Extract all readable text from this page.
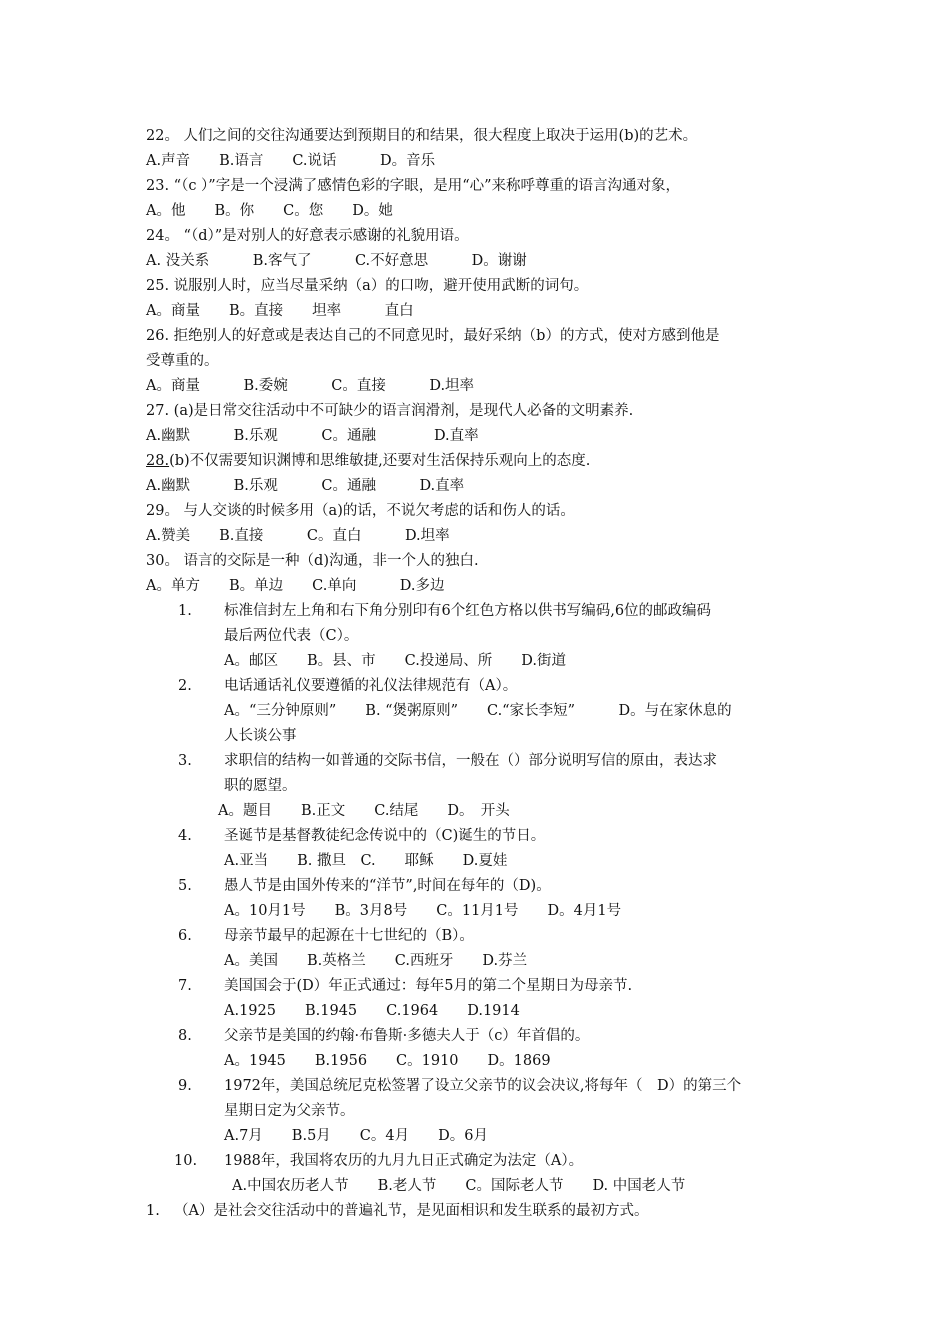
22。 人们之间的交往沟通要达到预期目的和结果，很大程度上取决于运用(b)的艺术。
A.声音　　B.语言　　C.说话　　　D。音乐
23. “（c ）”字是一个浸满了感情色彩的字眼，是用“心”来称呼尊重的语言沟通对象，
A。他　　B。你　　C。您　　D。她
24。 “（d）”是对别人的好意表示感谢的礼貌用语。
A. 没关系　　　B.客气了　　　C.不好意思　　　D。谢谢
25. 说服别人时，应当尽量采纳（a）的口吻，避开使用武断的词句。
A。商量　　B。直接　　坦率　　　直白
26. 拒绝别人的好意或是表达自己的不同意见时，最好采纳（b）的方式，使对方感到他是
受尊重的。
A。商量　　　B.委婉　　　C。直接　　　D.坦率
27. (a)是日常交往活动中不可缺少的语言润滑剂，是现代人必备的文明素养.
A.幽默　　　B.乐观　　　C。通融　　　　D.直率
28.(b)不仅需要知识渊博和思维敏捷,还要对生活保持乐观向上的态度.
A.幽默　　　B.乐观　　　C。通融　　　D.直率
29。 与人交谈的时候多用（a)的话，不说欠考虑的话和伤人的话。
A.赞美　　B.直接　　　C。直白　　　D.坦率
30。 语言的交际是一种（d)沟通，非一个人的独白.
A。单方　　B。单边　　C.单向　　　D.多边
1. 标准信封左上角和右下角分别印有6个红色方格以供书写编码,6位的邮政编码
最后两位代表（C）。
A。邮区　　B。县、市　　C.投递局、所　　D.街道
2. 电话通话礼仪要遵循的礼仪法律规范有（A）。
A。“三分钟原则”　　B. “煲粥原则”　　C.“家长李短”　　　D。与在家休息的
人长谈公事
3. 求职信的结构一如普通的交际书信，一般在（）部分说明写信的原由，表达求
职的愿望。
A。题目　　B.正文　　C.结尾　　D。　开头
4. 圣诞节是基督教徒纪念传说中的（C)诞生的节日。
A.亚当　　B. 撒旦　C.　　耶稣　　D.夏娃
5. 愚人节是由国外传来的“洋节”,时间在每年的（D)。
A。10月1号　　B。3月8号　　C。11月1号　　D。4月1号
6. 母亲节最早的起源在十七世纪的（B）。
A。美国　　B.英格兰　　C.西班牙　　D.芬兰
7. 美国国会于(D）年正式通过：每年5月的第二个星期日为母亲节.
A.1925　　B.1945　　C.1964　　D.1914
8. 父亲节是美国的约翰·布鲁斯·多德夫人于（c）年首倡的。
A。1945　　B.1956　　C。1910　　D。1869
9. 1972年，美国总统尼克松签署了设立父亲节的议会决议,将每年（　D）的第三个
星期日定为父亲节。
A.7月　　B.5月　　C。4月　　D。6月
10. 1988年，我国将农历的九月九日正式确定为法定（A）。
A.中国农历老人节　　B.老人节　　C。国际老人节　　D. 中国老人节
1. （A）是社会交往活动中的普遍礼节，是见面相识和发生联系的最初方式。
